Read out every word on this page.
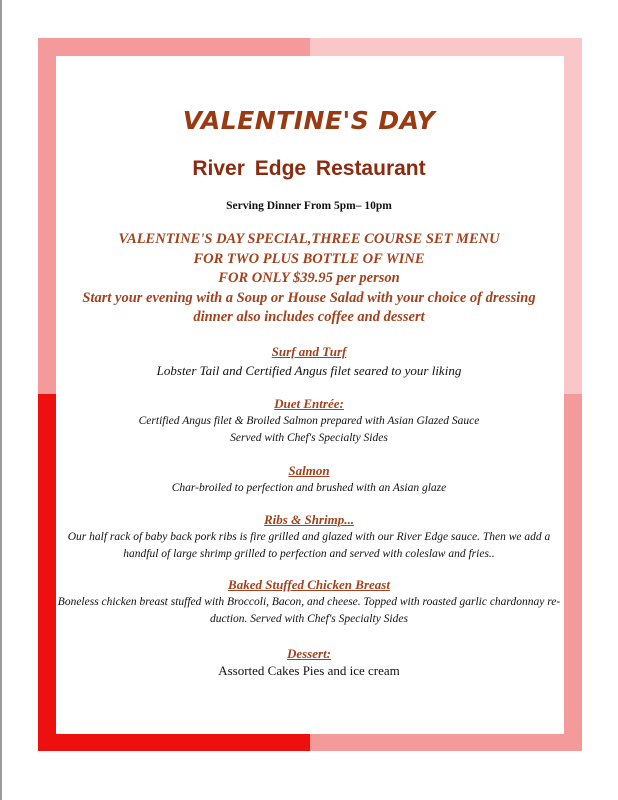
VALENTINE'S DAY
River Edge Restaurant
Serving Dinner From 5pm– 10pm
VALENTINE'S DAY SPECIAL,THREE COURSE SET MENU
FOR TWO PLUS BOTTLE OF WINE
FOR ONLY $39.95 per person
Start your evening with a Soup or House Salad with your choice of dressing
dinner also includes coffee and dessert
Surf and Turf
Lobster Tail and Certified Angus filet seared to your liking
Duet Entrée:
Certified Angus filet & Broiled Salmon prepared with Asian Glazed Sauce
Served with Chef's Specialty Sides
Salmon
Char-broiled to perfection and brushed with an Asian glaze
Ribs & Shrimp...
Our half rack of baby back pork ribs is fire grilled and glazed with our River Edge sauce. Then we add a
handful of large shrimp grilled to perfection and served with coleslaw and fries..
Baked Stuffed Chicken Breast
Boneless chicken breast stuffed with Broccoli, Bacon, and cheese. Topped with roasted garlic chardonnay re-
duction. Served with Chef's Specialty Sides
Dessert:
Assorted Cakes Pies and ice cream
